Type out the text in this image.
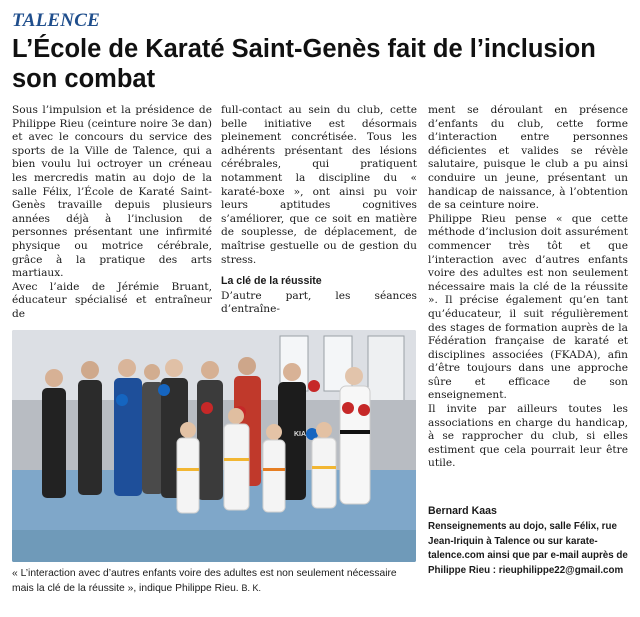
TALENCE
L’École de Karaté Saint-Genès fait de l’inclusion son combat

Sous l’impulsion et la présidence de Philippe Rieu (ceinture noire 3e dan) et avec le concours du service des sports de la Ville de Talence, qui a bien voulu lui octroyer un créneau les mercredis matin au dojo de la salle Félix, l’École de Karaté Saint-Genès travaille depuis plusieurs années déjà à l’inclusion de personnes présentant une infirmité physique ou motrice cérébrale, grâce à la pratique des arts martiaux.

Avec l’aide de Jérémie Bruant, éducateur spécialisé et entraîneur de

full-contact au sein du club, cette belle initiative est désormais pleinement concrétisée. Tous les adhérents présentant des lésions cérébrales, qui pratiquent notamment la discipline du « karaté-boxe », ont ainsi pu voir leurs aptitudes cognitives s’améliorer, que ce soit en matière de souplesse, de déplacement, de maîtrise gestuelle ou de gestion du stress.

La clé de la réussite

D’autre part, les séances d’entraîne-

ment se déroulant en présence d’enfants du club, cette forme d’interaction entre personnes déficientes et valides se révèle salutaire, puisque le club a pu ainsi conduire un jeune, présentant un handicap de naissance, à l’obtention de sa ceinture noire.

Philippe Rieu pense « que cette méthode d’inclusion doit assurément commencer très tôt et que l’interaction avec d’autres enfants voire des adultes est non seulement nécessaire mais la clé de la réussite ». Il précise également qu’en tant qu’éducateur, il suit régulièrement des stages de formation auprès de la Fédération française de karaté et disciplines associées (FKADA), afin d’être toujours dans une approche sûre et efficace de son enseignement.

Il invite par ailleurs toutes les associations en charge du handicap, à se rapprocher du club, si elles estiment que cela pourrait leur être utile.

KIA
« L’interaction avec d’autres enfants voire des adultes est non seulement nécessaire mais la clé de la réussite », indique Philippe Rieu. B. K.
Bernard Kaas
Renseignements au dojo, salle Félix, rue Jean-Iriquin à Talence ou sur karate-talence.com ainsi que par e-mail auprès de Philippe Rieu : rieuphilippe22@gmail.com
